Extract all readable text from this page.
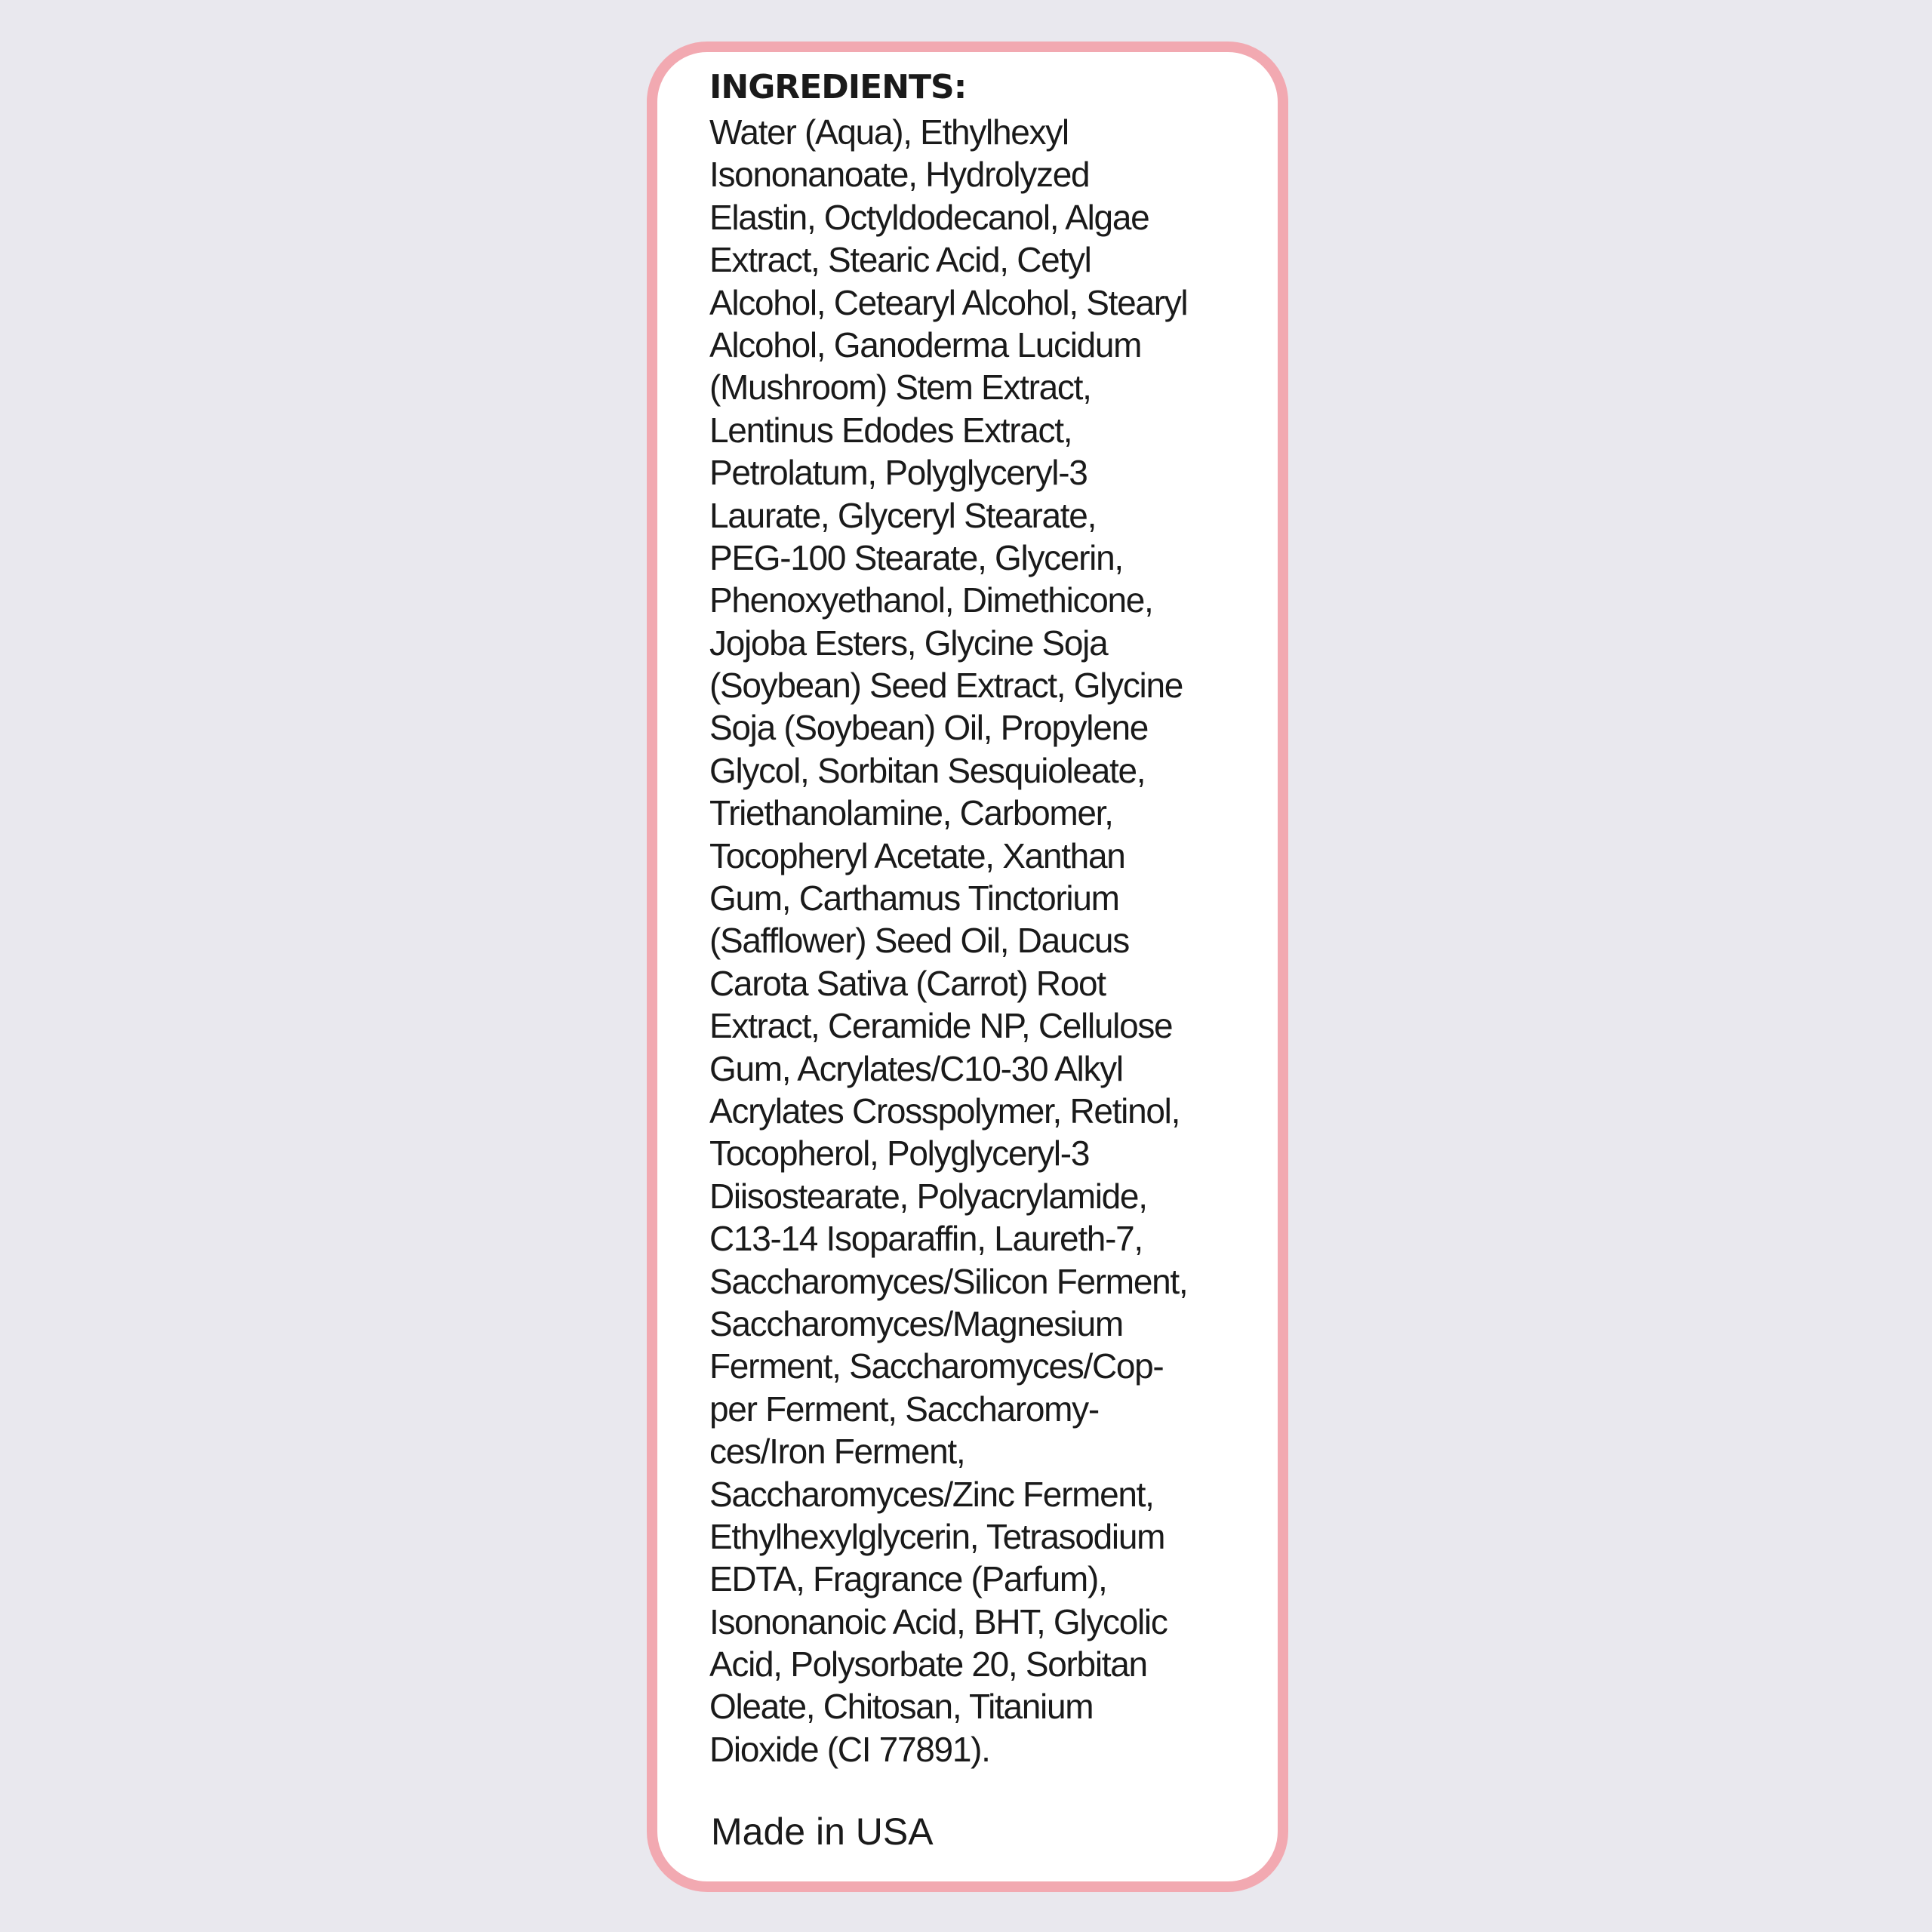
INGREDIENTS:
Water (Aqua), Ethylhexyl
Isononanoate, Hydrolyzed
Elastin, Octyldodecanol, Algae
Extract, Stearic Acid, Cetyl
Alcohol, Cetearyl Alcohol, Stearyl
Alcohol, Ganoderma Lucidum
(Mushroom) Stem Extract,
Lentinus Edodes Extract,
Petrolatum, Polyglyceryl-3
Laurate, Glyceryl Stearate,
PEG-100 Stearate, Glycerin,
Phenoxyethanol, Dimethicone,
Jojoba Esters, Glycine Soja
(Soybean) Seed Extract, Glycine
Soja (Soybean) Oil, Propylene
Glycol, Sorbitan Sesquioleate,
Triethanolamine, Carbomer,
Tocopheryl Acetate, Xanthan
Gum, Carthamus Tinctorium
(Safflower) Seed Oil, Daucus
Carota Sativa (Carrot) Root
Extract, Ceramide NP, Cellulose
Gum, Acrylates/C10-30 Alkyl
Acrylates Crosspolymer, Retinol,
Tocopherol, Polyglyceryl-3
Diisostearate, Polyacrylamide,
C13-14 Isoparaffin, Laureth-7,
Saccharomyces/Silicon Ferment,
Saccharomyces/Magnesium
Ferment, Saccharomyces/Cop-
per Ferment, Saccharomy-
ces/Iron Ferment,
Saccharomyces/Zinc Ferment,
Ethylhexylglycerin, Tetrasodium
EDTA, Fragrance (Parfum),
Isononanoic Acid, BHT, Glycolic
Acid, Polysorbate 20, Sorbitan
Oleate, Chitosan, Titanium
Dioxide (CI 77891).

Made in USA
